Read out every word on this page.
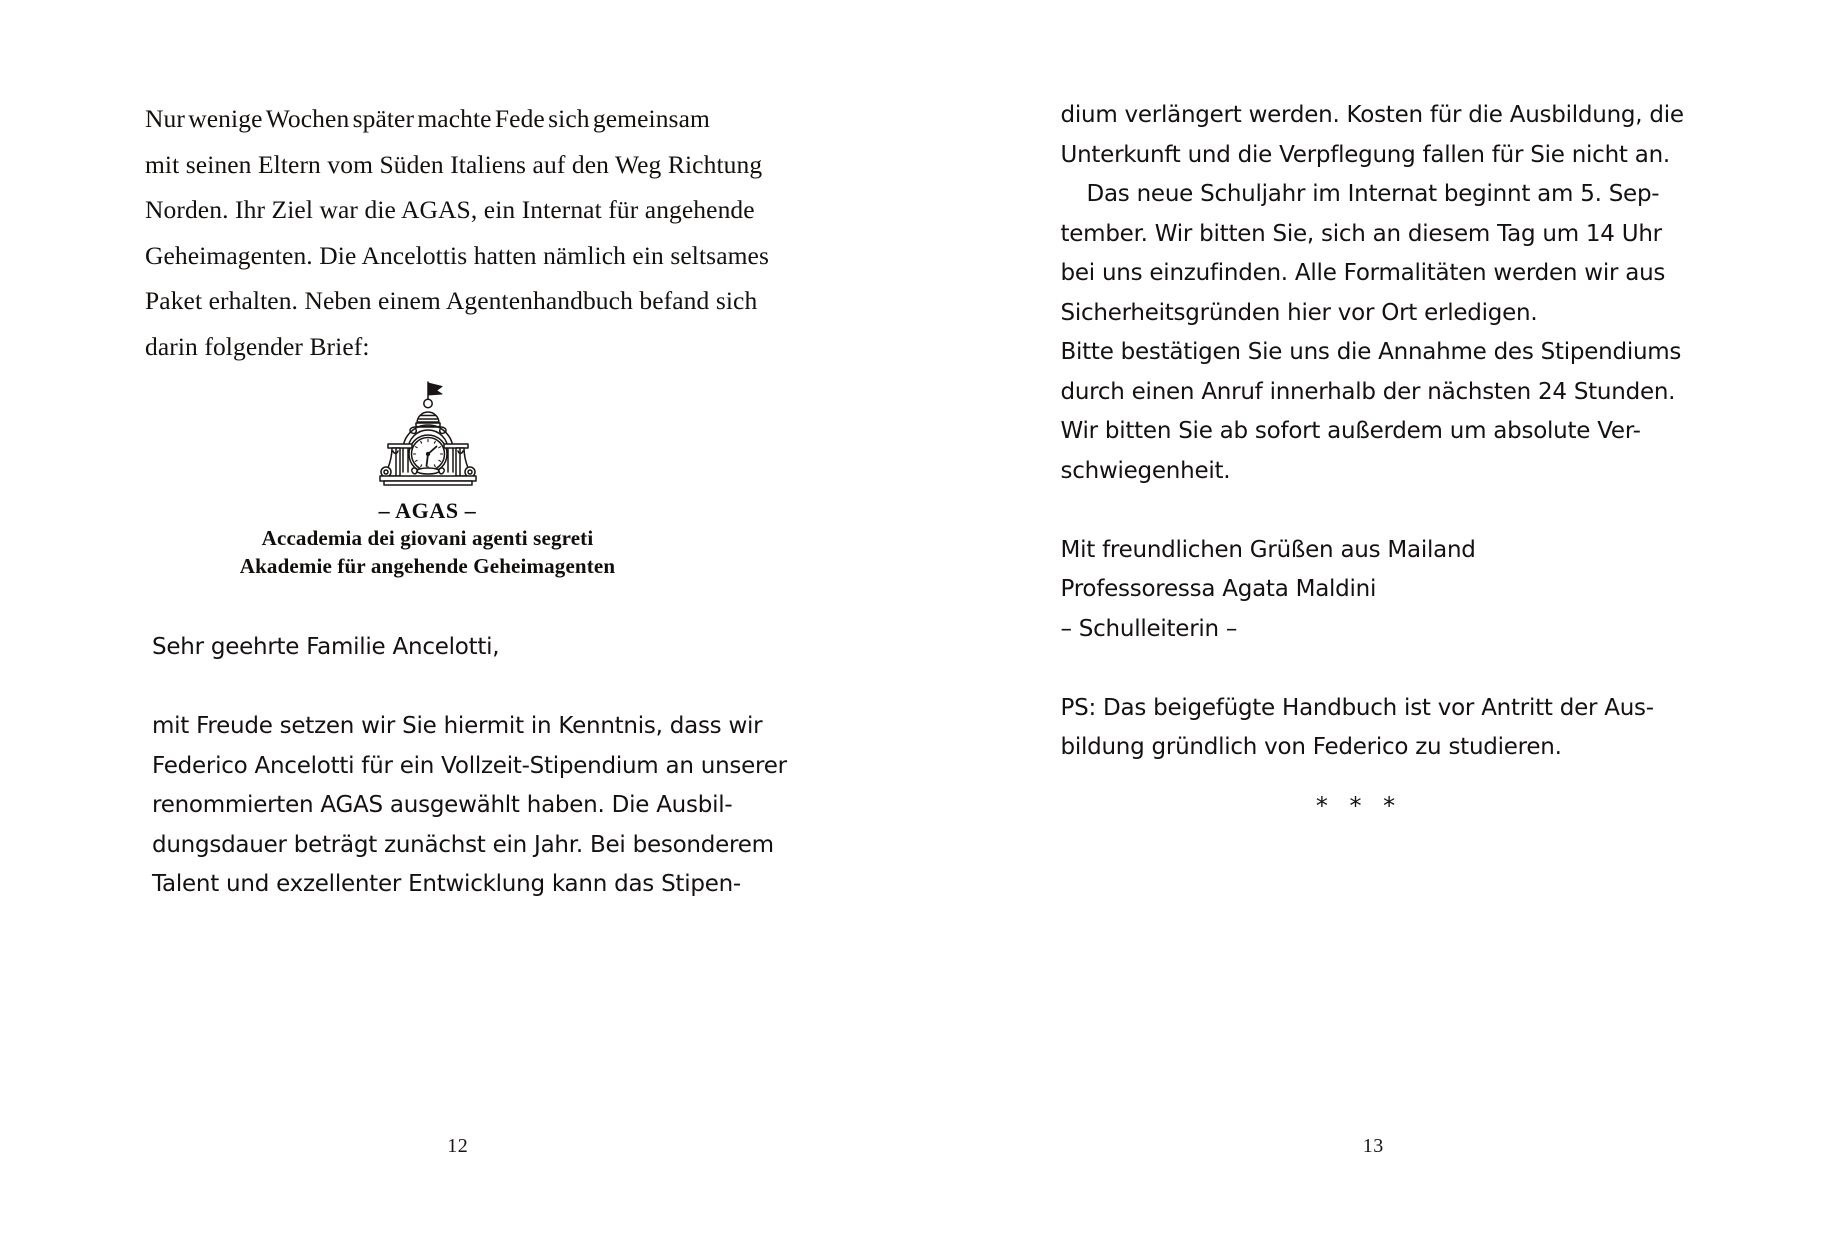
Nur wenige Wochen später machte Fede sich gemeinsam
mit seinen Eltern vom Süden Italiens auf den Weg Richtung
Norden. Ihr Ziel war die AGAS, ein Internat für angehende
Geheimagenten. Die Ancelottis hatten nämlich ein seltsames
Paket erhalten. Neben einem Agentenhandbuch befand sich
darin folgender Brief:
– AGAS –
Accademia dei giovani agenti segreti
Akademie für angehende Geheimagenten
Sehr geehrte Familie Ancelotti,
mit Freude setzen wir Sie hiermit in Kenntnis, dass wir
Federico Ancelotti für ein Vollzeit-Stipendium an unserer
renommierten AGAS ausgewählt haben. Die Ausbil-
dungsdauer beträgt zunächst ein Jahr. Bei besonderem
Talent und exzellenter Entwicklung kann das Stipen-
12
dium verlängert werden. Kosten für die Ausbildung, die
Unterkunft und die Verpflegung fallen für Sie nicht an.
Das neue Schuljahr im Internat beginnt am 5. Sep-
tember. Wir bitten Sie, sich an diesem Tag um 14 Uhr
bei uns einzufinden. Alle Formalitäten werden wir aus
Sicherheitsgründen hier vor Ort erledigen.
Bitte bestätigen Sie uns die Annahme des Stipendiums
durch einen Anruf innerhalb der nächsten 24 Stunden.
Wir bitten Sie ab sofort außerdem um absolute Ver-
schwiegenheit.
Mit freundlichen Grüßen aus Mailand
Professoressa Agata Maldini
– Schulleiterin –
PS: Das beigefügte Handbuch ist vor Antritt der Aus-
bildung gründlich von Federico zu studieren.
* * *
13
